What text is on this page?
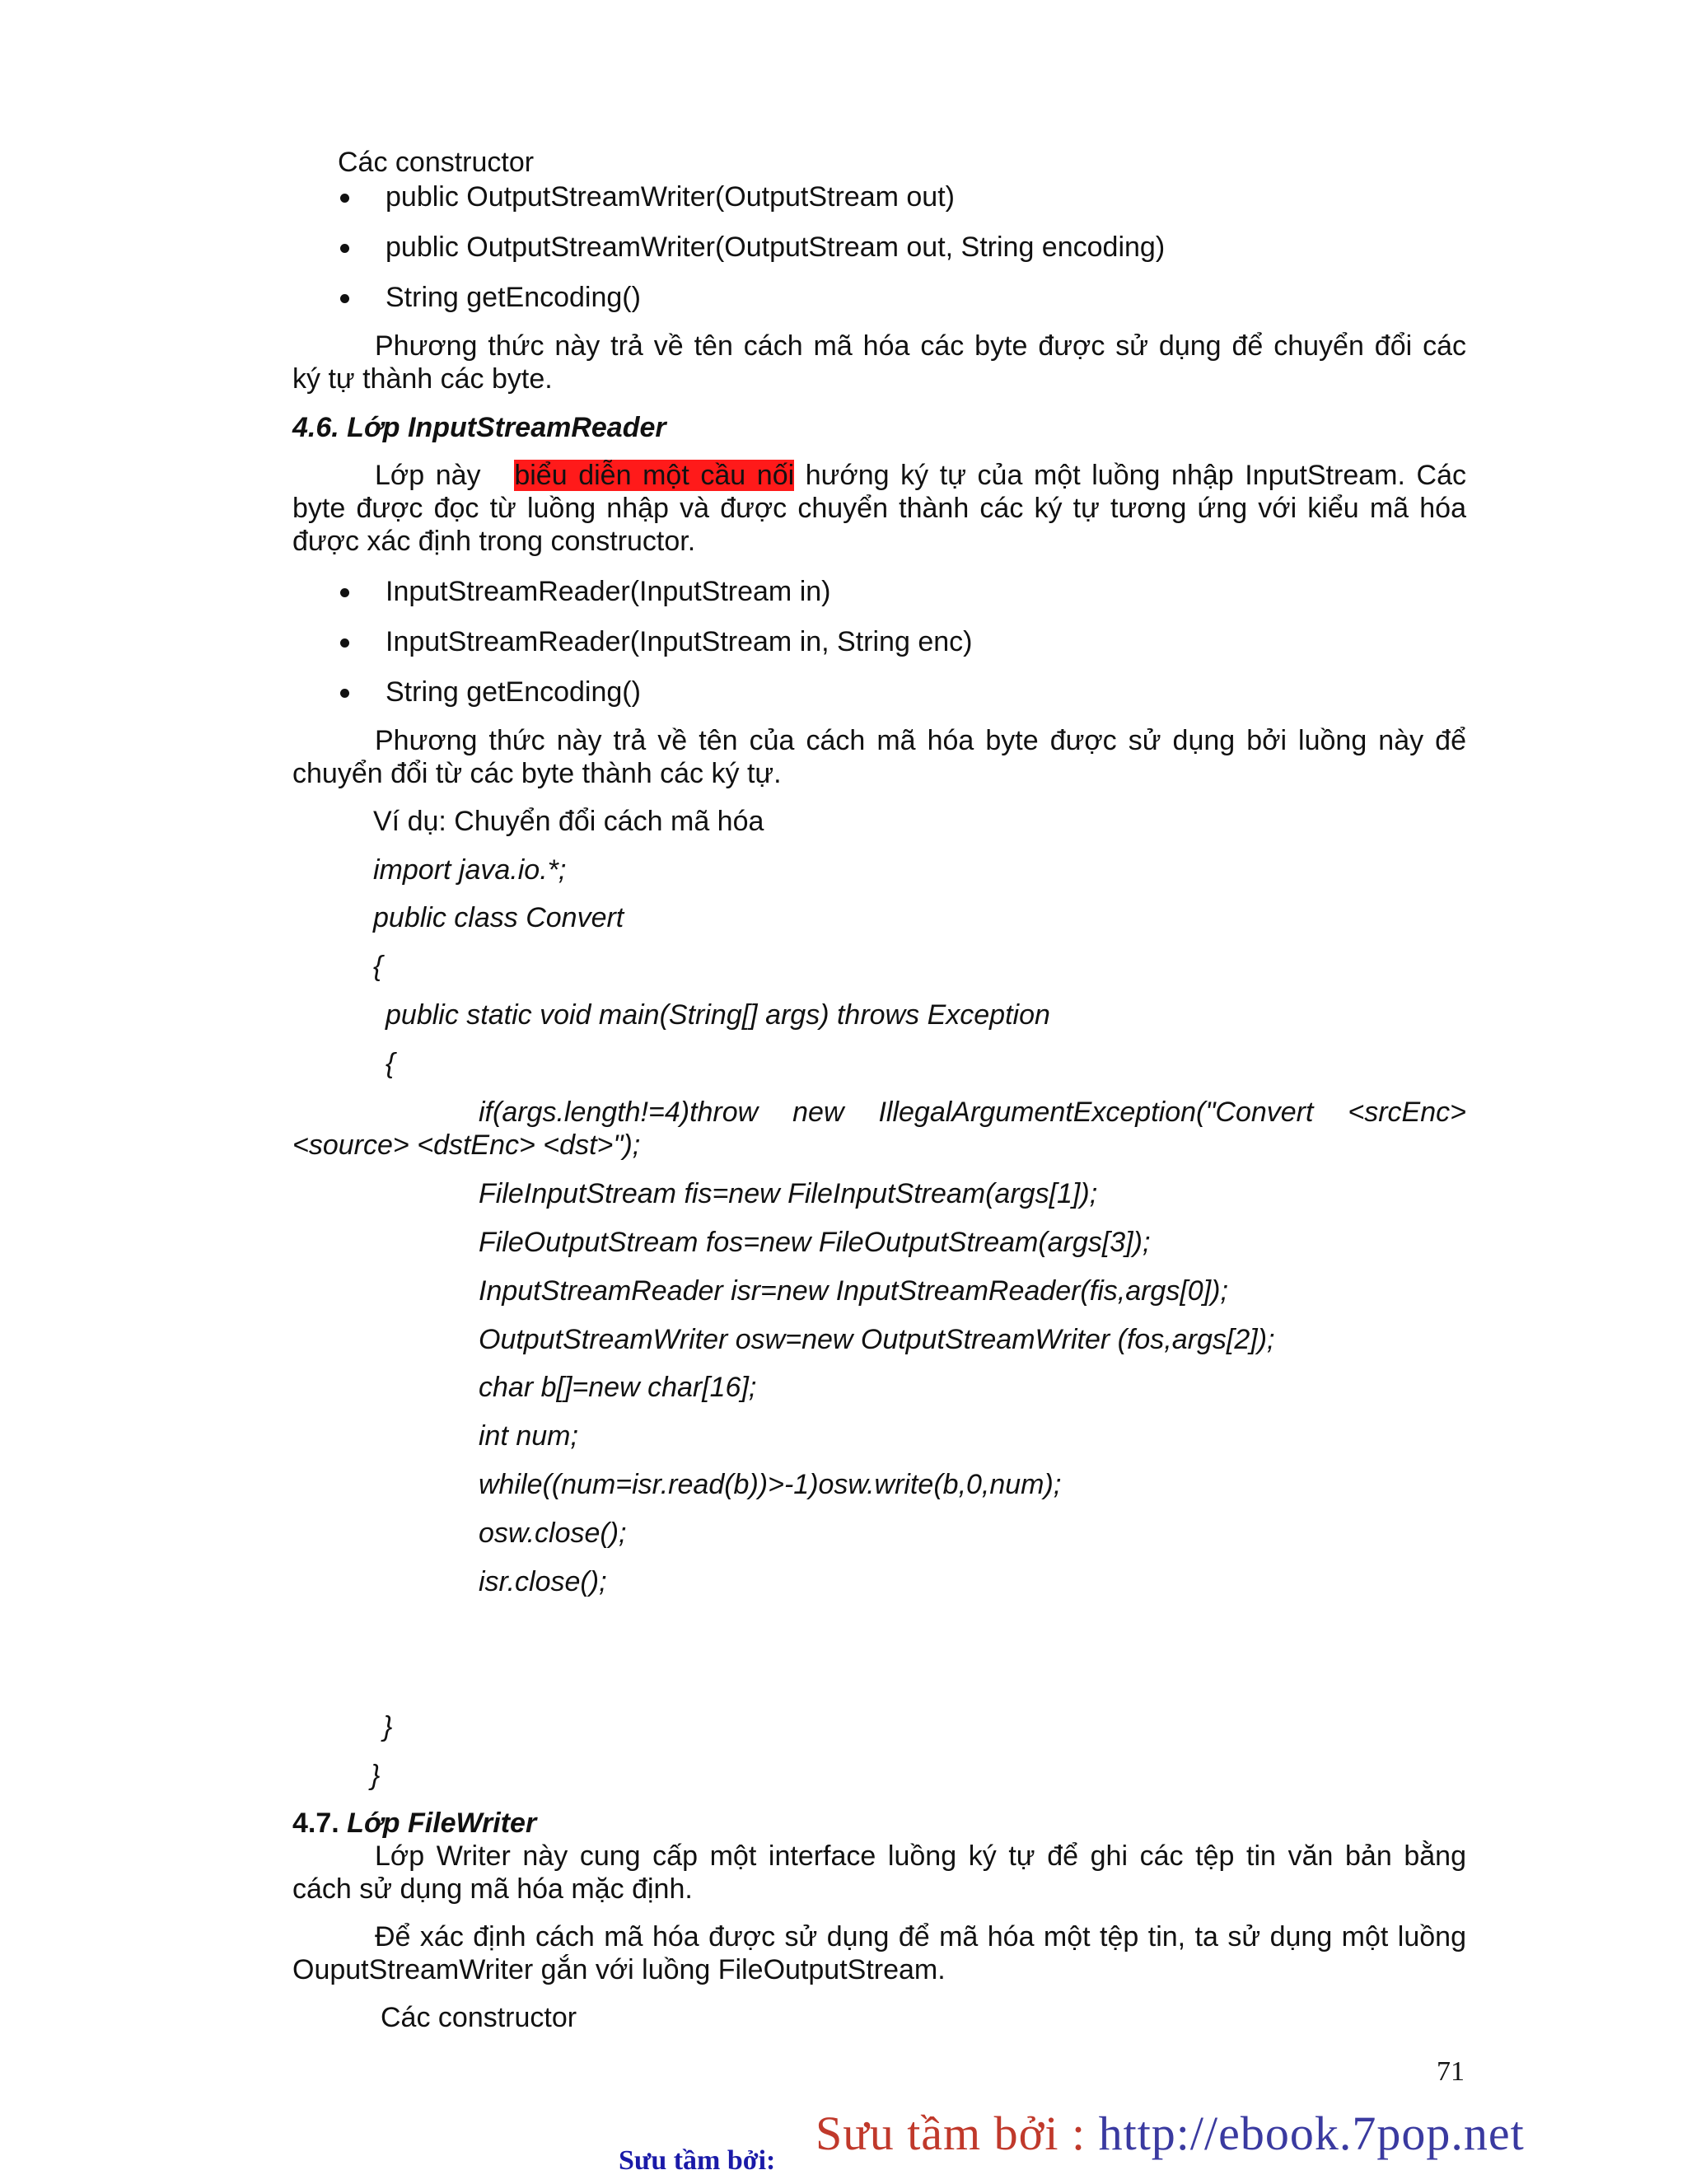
Các constructor
public OutputStreamWriter(OutputStream out)
public OutputStreamWriter(OutputStream out, String encoding)
String getEncoding()
Phương thức này trả về tên cách mã hóa các byte được sử dụng để chuyển đổi các
ký tự thành các byte.
4.6. Lớp InputStreamReader
Lớp này biểu diễn một cầu nối hướng ký tự của một luồng nhập InputStream. Các
byte được đọc từ luồng nhập và được chuyển thành các ký tự tương ứng với kiểu mã hóa
được xác định trong constructor.
InputStreamReader(InputStream in)
InputStreamReader(InputStream in, String enc)
String getEncoding()
Phương thức này trả về tên của cách mã hóa byte được sử dụng bởi luồng này để
chuyển đổi từ các byte thành các ký tự.
Ví dụ: Chuyển đổi cách mã hóa
import java.io.*;
public class Convert
{
public static void main(String[] args) throws Exception
{
if(args.length!=4)throw new IllegalArgumentException("Convert <srcEnc>
<source> <dstEnc> <dst>");
FileInputStream fis=new FileInputStream(args[1]);
FileOutputStream fos=new FileOutputStream(args[3]);
InputStreamReader isr=new InputStreamReader(fis,args[0]);
OutputStreamWriter osw=new OutputStreamWriter (fos,args[2]);
char b[]=new char[16];
int num;
while((num=isr.read(b))>-1)osw.write(b,0,num);
osw.close();
isr.close();
}
}
4.7. Lớp FileWriter
Lớp Writer này cung cấp một interface luồng ký tự để ghi các tệp tin văn bản bằng
cách sử dụng mã hóa mặc định.
Để xác định cách mã hóa được sử dụng để mã hóa một tệp tin, ta sử dụng một luồng
OuputStreamWriter gắn với luồng FileOutputStream.
Các constructor
71
Sưu tầm bởi : http://ebook.7pop.net
Sưu tầm bởi:
